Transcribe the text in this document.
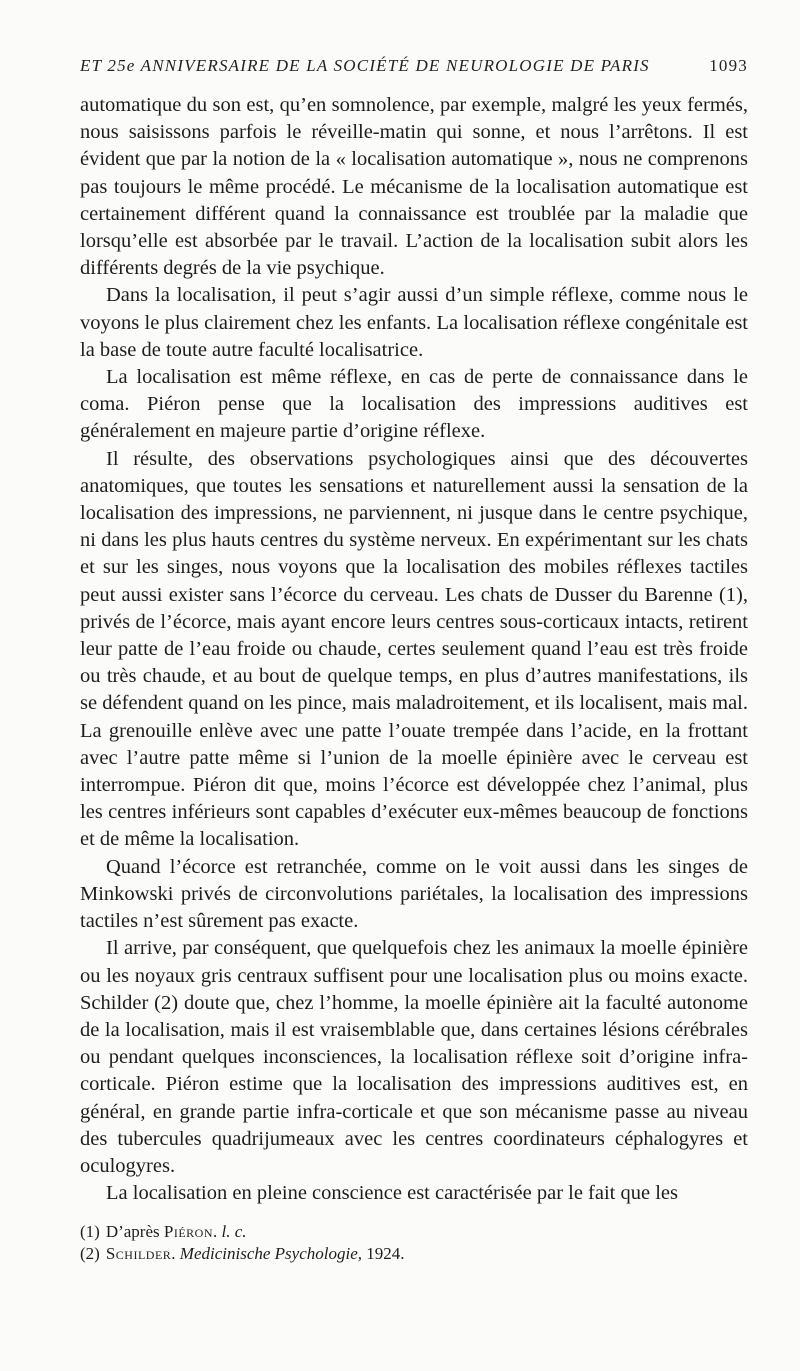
ET 25e ANNIVERSAIRE DE LA SOCIÉTÉ DE NEUROLOGIE DE PARIS	1093

automatique du son est, qu’en somnolence, par exemple, malgré les yeux fermés, nous saisissons parfois le réveille-matin qui sonne, et nous l’arrêtons. Il est évident que par la notion de la « localisation automatique », nous ne comprenons pas toujours le même procédé. Le mécanisme de la localisation automatique est certainement différent quand la connaissance est troublée par la maladie que lorsqu’elle est absorbée par le travail. L’action de la localisation subit alors les différents degrés de la vie psychique.

Dans la localisation, il peut s’agir aussi d’un simple réflexe, comme nous le voyons le plus clairement chez les enfants. La localisation réflexe congénitale est la base de toute autre faculté localisatrice.

La localisation est même réflexe, en cas de perte de connaissance dans le coma. Piéron pense que la localisation des impressions auditives est généralement en majeure partie d’origine réflexe.

Il résulte, des observations psychologiques ainsi que des découvertes anatomiques, que toutes les sensations et naturellement aussi la sensation de la localisation des impressions, ne parviennent, ni jusque dans le centre psychique, ni dans les plus hauts centres du système nerveux. En expérimentant sur les chats et sur les singes, nous voyons que la localisation des mobiles réflexes tactiles peut aussi exister sans l’écorce du cerveau. Les chats de Dusser du Barenne (1), privés de l’écorce, mais ayant encore leurs centres sous-corticaux intacts, retirent leur patte de l’eau froide ou chaude, certes seulement quand l’eau est très froide ou très chaude, et au bout de quelque temps, en plus d’autres manifestations, ils se défendent quand on les pince, mais maladroitement, et ils localisent, mais mal. La grenouille enlève avec une patte l’ouate trempée dans l’acide, en la frottant avec l’autre patte même si l’union de la moelle épinière avec le cerveau est interrompue. Piéron dit que, moins l’écorce est développée chez l’animal, plus les centres inférieurs sont capables d’exécuter eux-mêmes beaucoup de fonctions et de même la localisation.

Quand l’écorce est retranchée, comme on le voit aussi dans les singes de Minkowski privés de circonvolutions pariétales, la localisation des impressions tactiles n’est sûrement pas exacte.

Il arrive, par conséquent, que quelquefois chez les animaux la moelle épinière ou les noyaux gris centraux suffisent pour une localisation plus ou moins exacte. Schilder (2) doute que, chez l’homme, la moelle épinière ait la faculté autonome de la localisation, mais il est vraisemblable que, dans certaines lésions cérébrales ou pendant quelques inconsciences, la localisation réflexe soit d’origine infra-corticale. Piéron estime que la localisation des impressions auditives est, en général, en grande partie infra-corticale et que son mécanisme passe au niveau des tubercules quadrijumeaux avec les centres coordinateurs céphalogyres et oculogyres.

La localisation en pleine conscience est caractérisée par le fait que les

(1) D’après Piéron. l. c.

(2) Schilder. Medicinische Psychologie, 1924.
